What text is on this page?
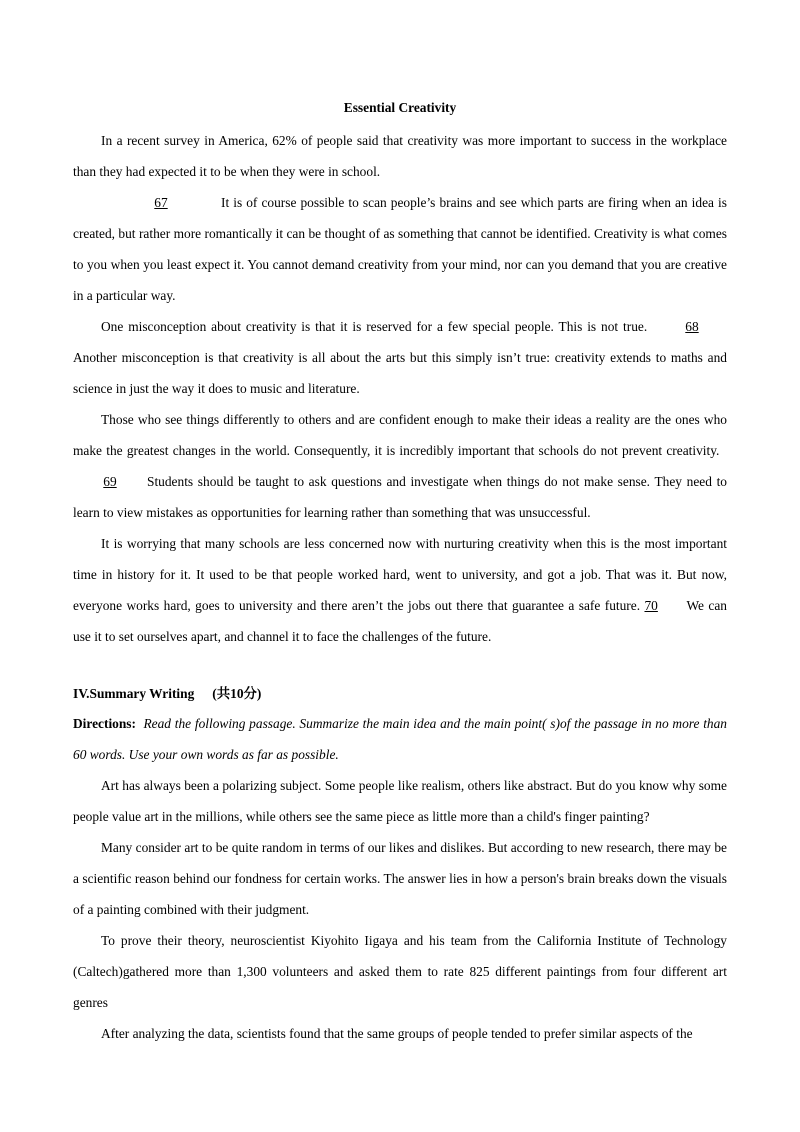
Essential Creativity

In a recent survey in America, 62% of people said that creativity was more important to success in the workplace than they had expected it to be when they were in school.

67	It is of course possible to scan people’s brains and see which parts are firing when an idea is created, but rather more romantically it can be thought of as something that cannot be identified. Creativity is what comes to you when you least expect it. You cannot demand creativity from your mind, nor can you demand that you are creative in a particular way.

One misconception about creativity is that it is reserved for a few special people. This is not true.	68 Another misconception is that creativity is all about the arts but this simply isn’t true: creativity extends to maths and science in just the way it does to music and literature.

Those who see things differently to others and are confident enough to make their ideas a reality are the ones who make the greatest changes in the world. Consequently, it is incredibly important that schools do not prevent creativity.  69 Students should be taught to ask questions and investigate when things do not make sense. They need to learn to view mistakes as opportunities for learning rather than something that was unsuccessful.

It is worrying that many schools are less concerned now with nurturing creativity when this is the most important time in history for it. It used to be that people worked hard, went to university, and got a job. That was it. But now, everyone works hard, goes to university and there aren’t the jobs out there that guarantee a safe future. 70 We can use it to set ourselves apart, and channel it to face the challenges of the future.

IV.Summary Writing (共10分)

Directions: Read the following passage. Summarize the main idea and the main point( s)of the passage in no more than 60 words. Use your own words as far as possible.

Art has always been a polarizing subject. Some people like realism, others like abstract. But do you know why some people value art in the millions, while others see the same piece as little more than a child's finger painting?

Many consider art to be quite random in terms of our likes and dislikes. But according to new research, there may be a scientific reason behind our fondness for certain works. The answer lies in how a person's brain breaks down the visuals of a painting combined with their judgment.

To prove their theory, neuroscientist Kiyohito Iigaya and his team from the California Institute of Technology (Caltech)gathered more than 1,300 volunteers and asked them to rate 825 different paintings from four different art genres

After analyzing the data, scientists found that the same groups of people tended to prefer similar aspects of the
